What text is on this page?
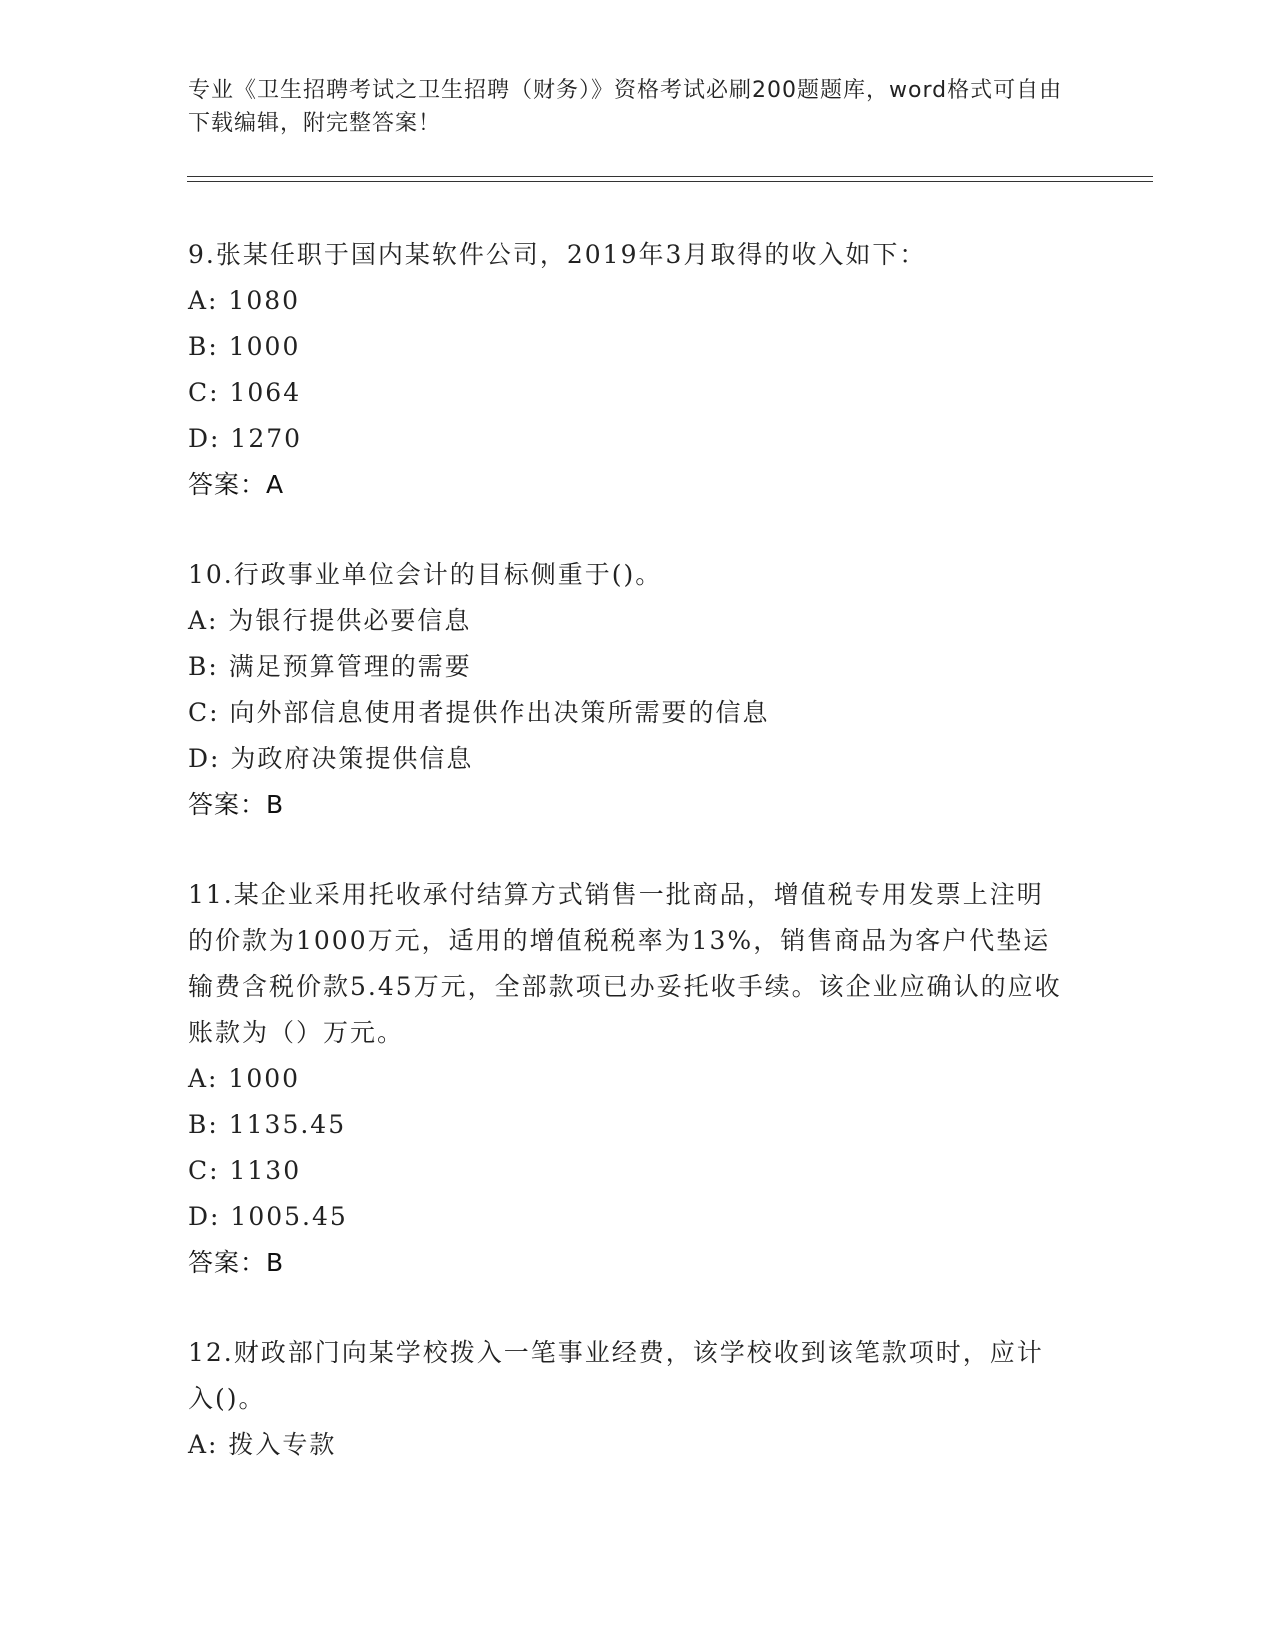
专业《卫生招聘考试之卫生招聘（财务）》资格考试必刷200题题库，word格式可自由下载编辑，附完整答案！
9.张某任职于国内某软件公司，2019年3月取得的收入如下：
A: 1080
B: 1000
C: 1064
D: 1270
答案：A
10.行政事业单位会计的目标侧重于()。
A: 为银行提供必要信息
B: 满足预算管理的需要
C: 向外部信息使用者提供作出决策所需要的信息
D: 为政府决策提供信息
答案：B
11.某企业采用托收承付结算方式销售一批商品，增值税专用发票上注明的价款为1000万元，适用的增值税税率为13%，销售商品为客户代垫运输费含税价款5.45万元，全部款项已办妥托收手续。该企业应确认的应收账款为（）万元。
A: 1000
B: 1135.45
C: 1130
D: 1005.45
答案：B
12.财政部门向某学校拨入一笔事业经费，该学校收到该笔款项时，应计入()。
A: 拨入专款
